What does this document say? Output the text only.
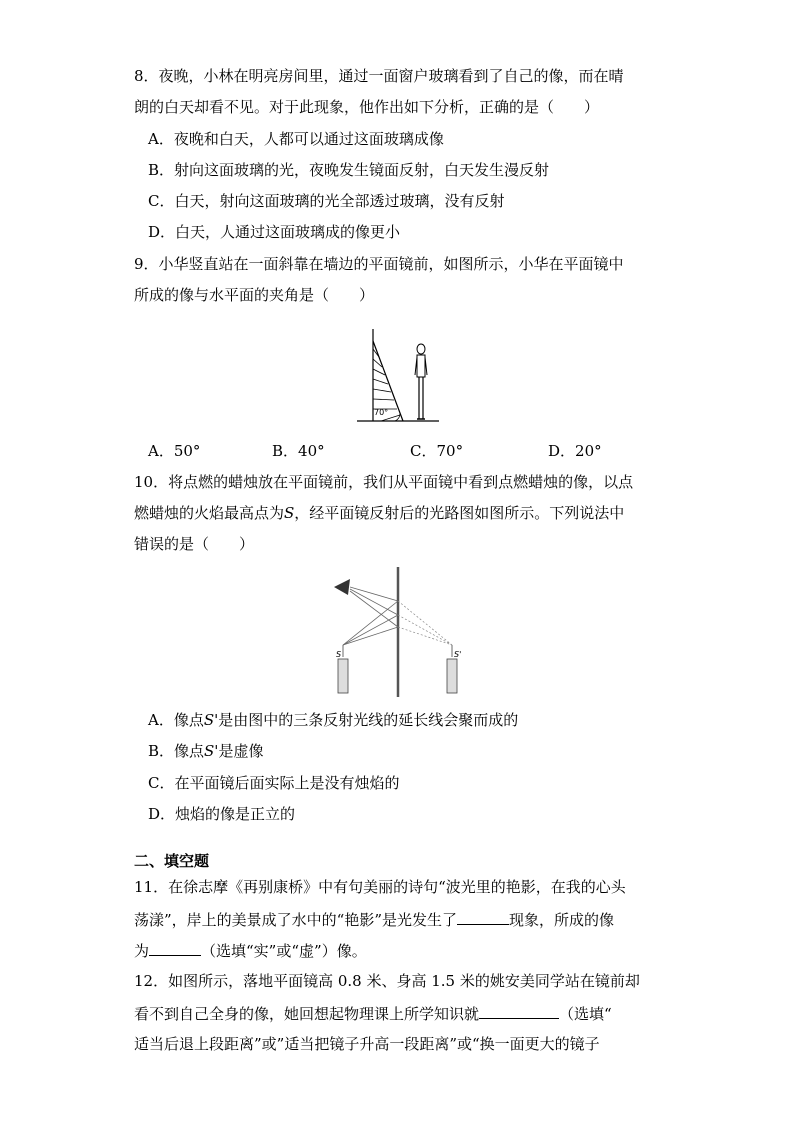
8．夜晚，小林在明亮房间里，通过一面窗户玻璃看到了自己的像，而在晴
朗的白天却看不见。对于此现象，他作出如下分析，正确的是（　　）
A．夜晚和白天，人都可以通过这面玻璃成像
B．射向这面玻璃的光，夜晚发生镜面反射，白天发生漫反射
C．白天，射向这面玻璃的光全部透过玻璃，没有反射
D．白天，人通过这面玻璃成的像更小
9．小华竖直站在一面斜靠在墙边的平面镜前，如图所示，小华在平面镜中
所成的像与水平面的夹角是（　　）
70°
A．50°	B．40°	C．70°	D．20°
10．将点燃的蜡烛放在平面镜前，我们从平面镜中看到点燃蜡烛的像，以点
燃蜡烛的火焰最高点为S，经平面镜反射后的光路图如图所示。下列说法中
错误的是（　　）
S	S'
A．像点S'是由图中的三条反射光线的延长线会聚而成的
B．像点S'是虚像
C．在平面镜后面实际上是没有烛焰的
D．烛焰的像是正立的
二、填空题
11．在徐志摩《再别康桥》中有句美丽的诗句“波光里的艳影，在我的心头
荡漾”，岸上的美景成了水中的“艳影”是光发生了	现象，所成的像
为	（选填“实”或“虚”）像。
12．如图所示，落地平面镜高 0.8 米、身高 1.5 米的姚安美同学站在镜前却
看不到自己全身的像，她回想起物理课上所学知识就	（选填“
适当后退上段距离”或”适当把镜子升高一段距离”或“换一面更大的镜子
